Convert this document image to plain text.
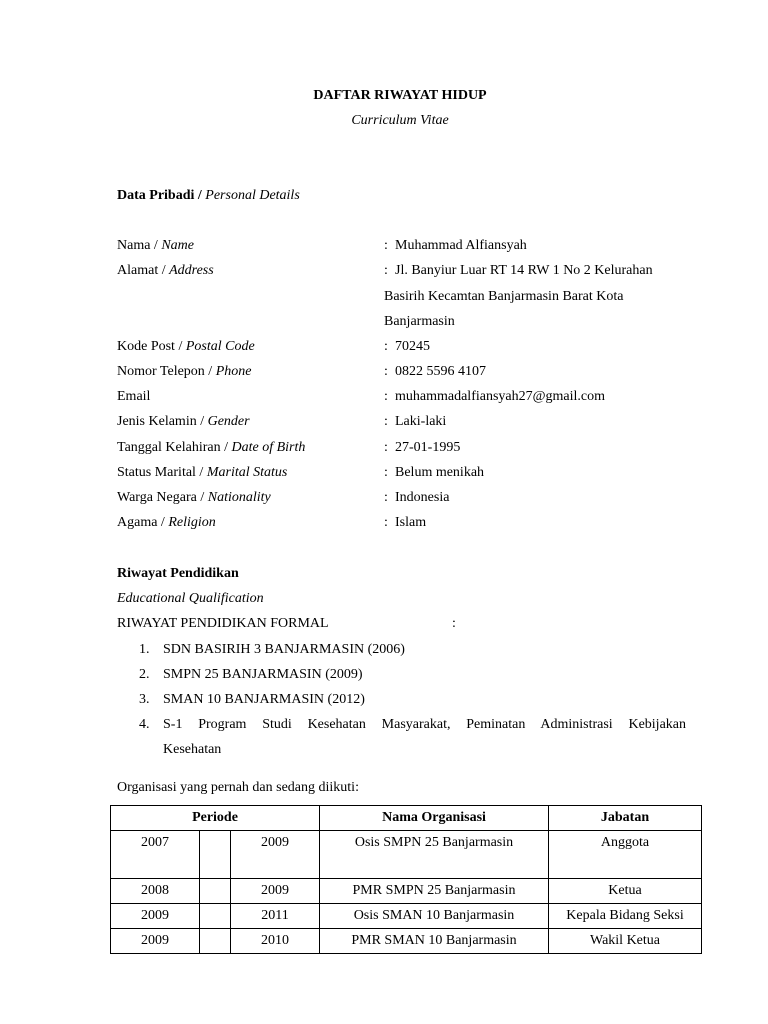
DAFTAR RIWAYAT HIDUP
Curriculum Vitae
Data Pribadi / Personal Details
Nama / Name	: Muhammad Alfiansyah
Alamat / Address	: Jl. Banyiur Luar RT 14 RW 1 No 2 Kelurahan
Basirih Kecamtan Banjarmasin Barat Kota
Banjarmasin
Kode Post / Postal Code	: 70245
Nomor Telepon / Phone	: 0822 5596 4107
Email	: muhammadalfiansyah27@gmail.com
Jenis Kelamin / Gender	: Laki-laki
Tanggal Kelahiran / Date of Birth	: 27-01-1995
Status Marital / Marital Status	: Belum menikah
Warga Negara / Nationality	: Indonesia
Agama / Religion	: Islam
Riwayat Pendidikan
Educational Qualification
RIWAYAT PENDIDIKAN FORMAL	:
1. SDN BASIRIH 3 BANJARMASIN (2006)
2. SMPN 25 BANJARMASIN (2009)
3. SMAN 10 BANJARMASIN (2012)
4. S-1 Program Studi Kesehatan Masyarakat, Peminatan Administrasi Kebijakan
Kesehatan
Organisasi yang pernah dan sedang diikuti:
Periode			Nama Organisasi	Jabatan
2007		2009	Osis SMPN 25 Banjarmasin	Anggota
2008		2009	PMR SMPN 25 Banjarmasin	Ketua
2009		2011	Osis SMAN 10 Banjarmasin	Kepala Bidang Seksi
2009		2010	PMR SMAN 10 Banjarmasin	Wakil Ketua
